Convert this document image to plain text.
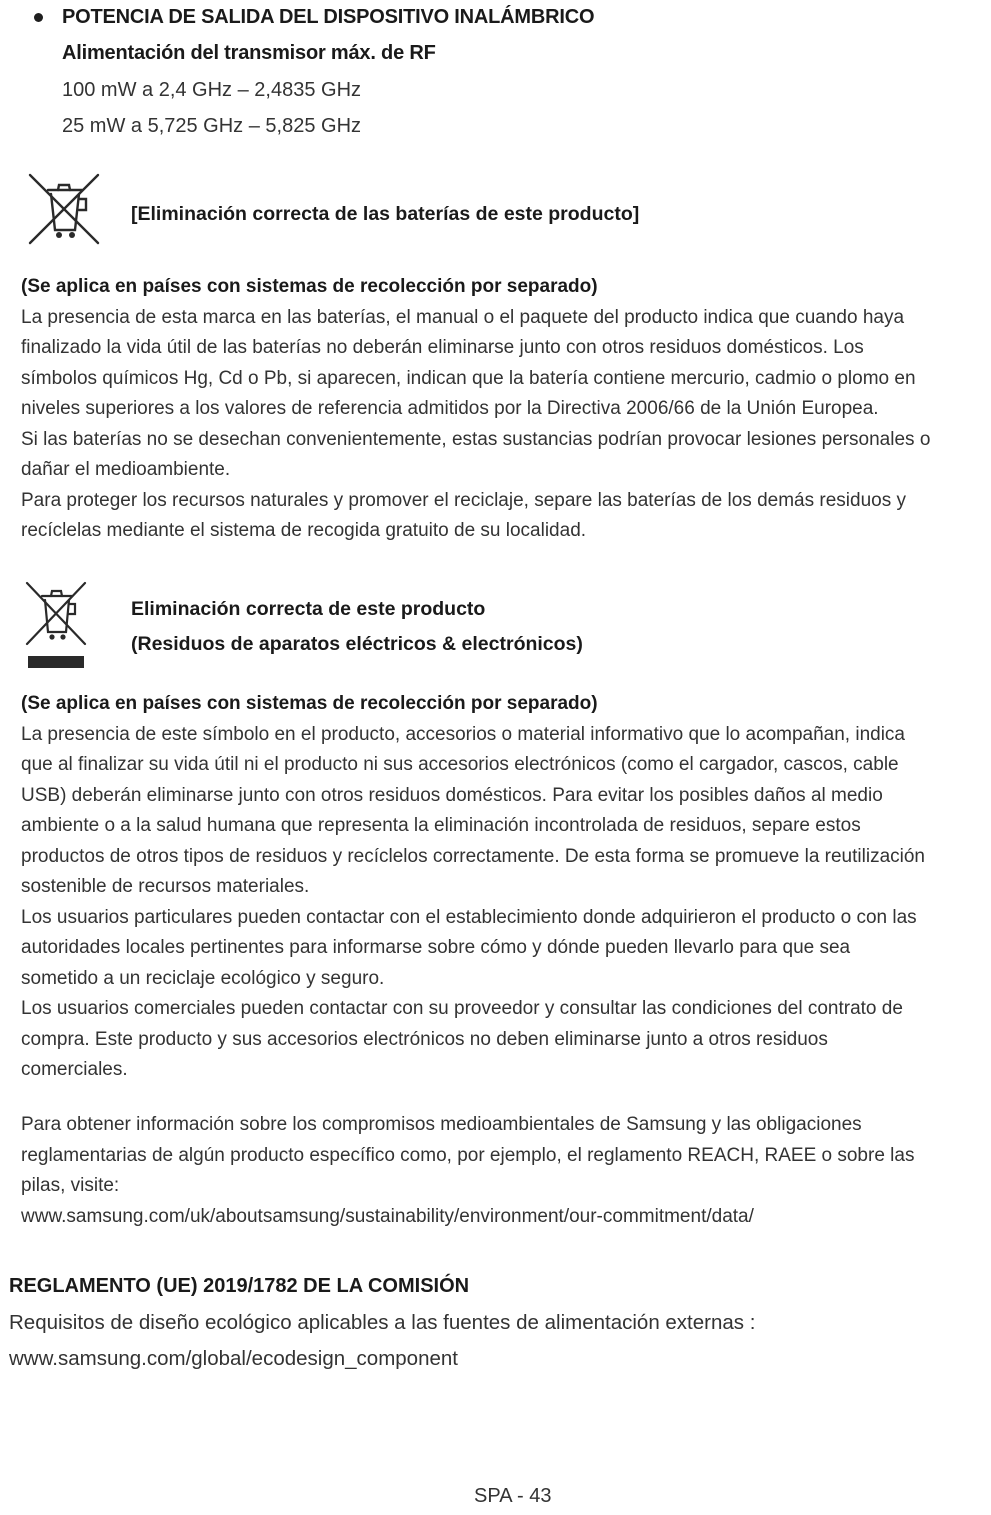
POTENCIA DE SALIDA DEL DISPOSITIVO INALÁMBRICO
Alimentación del transmisor máx. de RF
100 mW a 2,4 GHz – 2,4835 GHz
25 mW a 5,725 GHz – 5,825 GHz
[Eliminación correcta de las baterías de este producto]
(Se aplica en países con sistemas de recolección por separado)
La presencia de esta marca en las baterías, el manual o el paquete del producto indica que cuando haya
finalizado la vida útil de las baterías no deberán eliminarse junto con otros residuos domésticos. Los
símbolos químicos Hg, Cd o Pb, si aparecen, indican que la batería contiene mercurio, cadmio o plomo en
niveles superiores a los valores de referencia admitidos por la Directiva 2006/66 de la Unión Europea.
Si las baterías no se desechan convenientemente, estas sustancias podrían provocar lesiones personales o
dañar el medioambiente.
Para proteger los recursos naturales y promover el reciclaje, separe las baterías de los demás residuos y
recíclelas mediante el sistema de recogida gratuito de su localidad.
Eliminación correcta de este producto
(Residuos de aparatos eléctricos & electrónicos)
(Se aplica en países con sistemas de recolección por separado)
La presencia de este símbolo en el producto, accesorios o material informativo que lo acompañan, indica
que al finalizar su vida útil ni el producto ni sus accesorios electrónicos (como el cargador, cascos, cable
USB) deberán eliminarse junto con otros residuos domésticos. Para evitar los posibles daños al medio
ambiente o a la salud humana que representa la eliminación incontrolada de residuos, separe estos
productos de otros tipos de residuos y recíclelos correctamente. De esta forma se promueve la reutilización
sostenible de recursos materiales.
Los usuarios particulares pueden contactar con el establecimiento donde adquirieron el producto o con las
autoridades locales pertinentes para informarse sobre cómo y dónde pueden llevarlo para que sea
sometido a un reciclaje ecológico y seguro.
Los usuarios comerciales pueden contactar con su proveedor y consultar las condiciones del contrato de
compra. Este producto y sus accesorios electrónicos no deben eliminarse junto a otros residuos
comerciales.
Para obtener información sobre los compromisos medioambientales de Samsung y las obligaciones
reglamentarias de algún producto específico como, por ejemplo, el reglamento REACH, RAEE o sobre las
pilas, visite:
www.samsung.com/uk/aboutsamsung/sustainability/environment/our-commitment/data/
REGLAMENTO (UE) 2019/1782 DE LA COMISIÓN
Requisitos de diseño ecológico aplicables a las fuentes de alimentación externas :
www.samsung.com/global/ecodesign_component
SPA - 43
